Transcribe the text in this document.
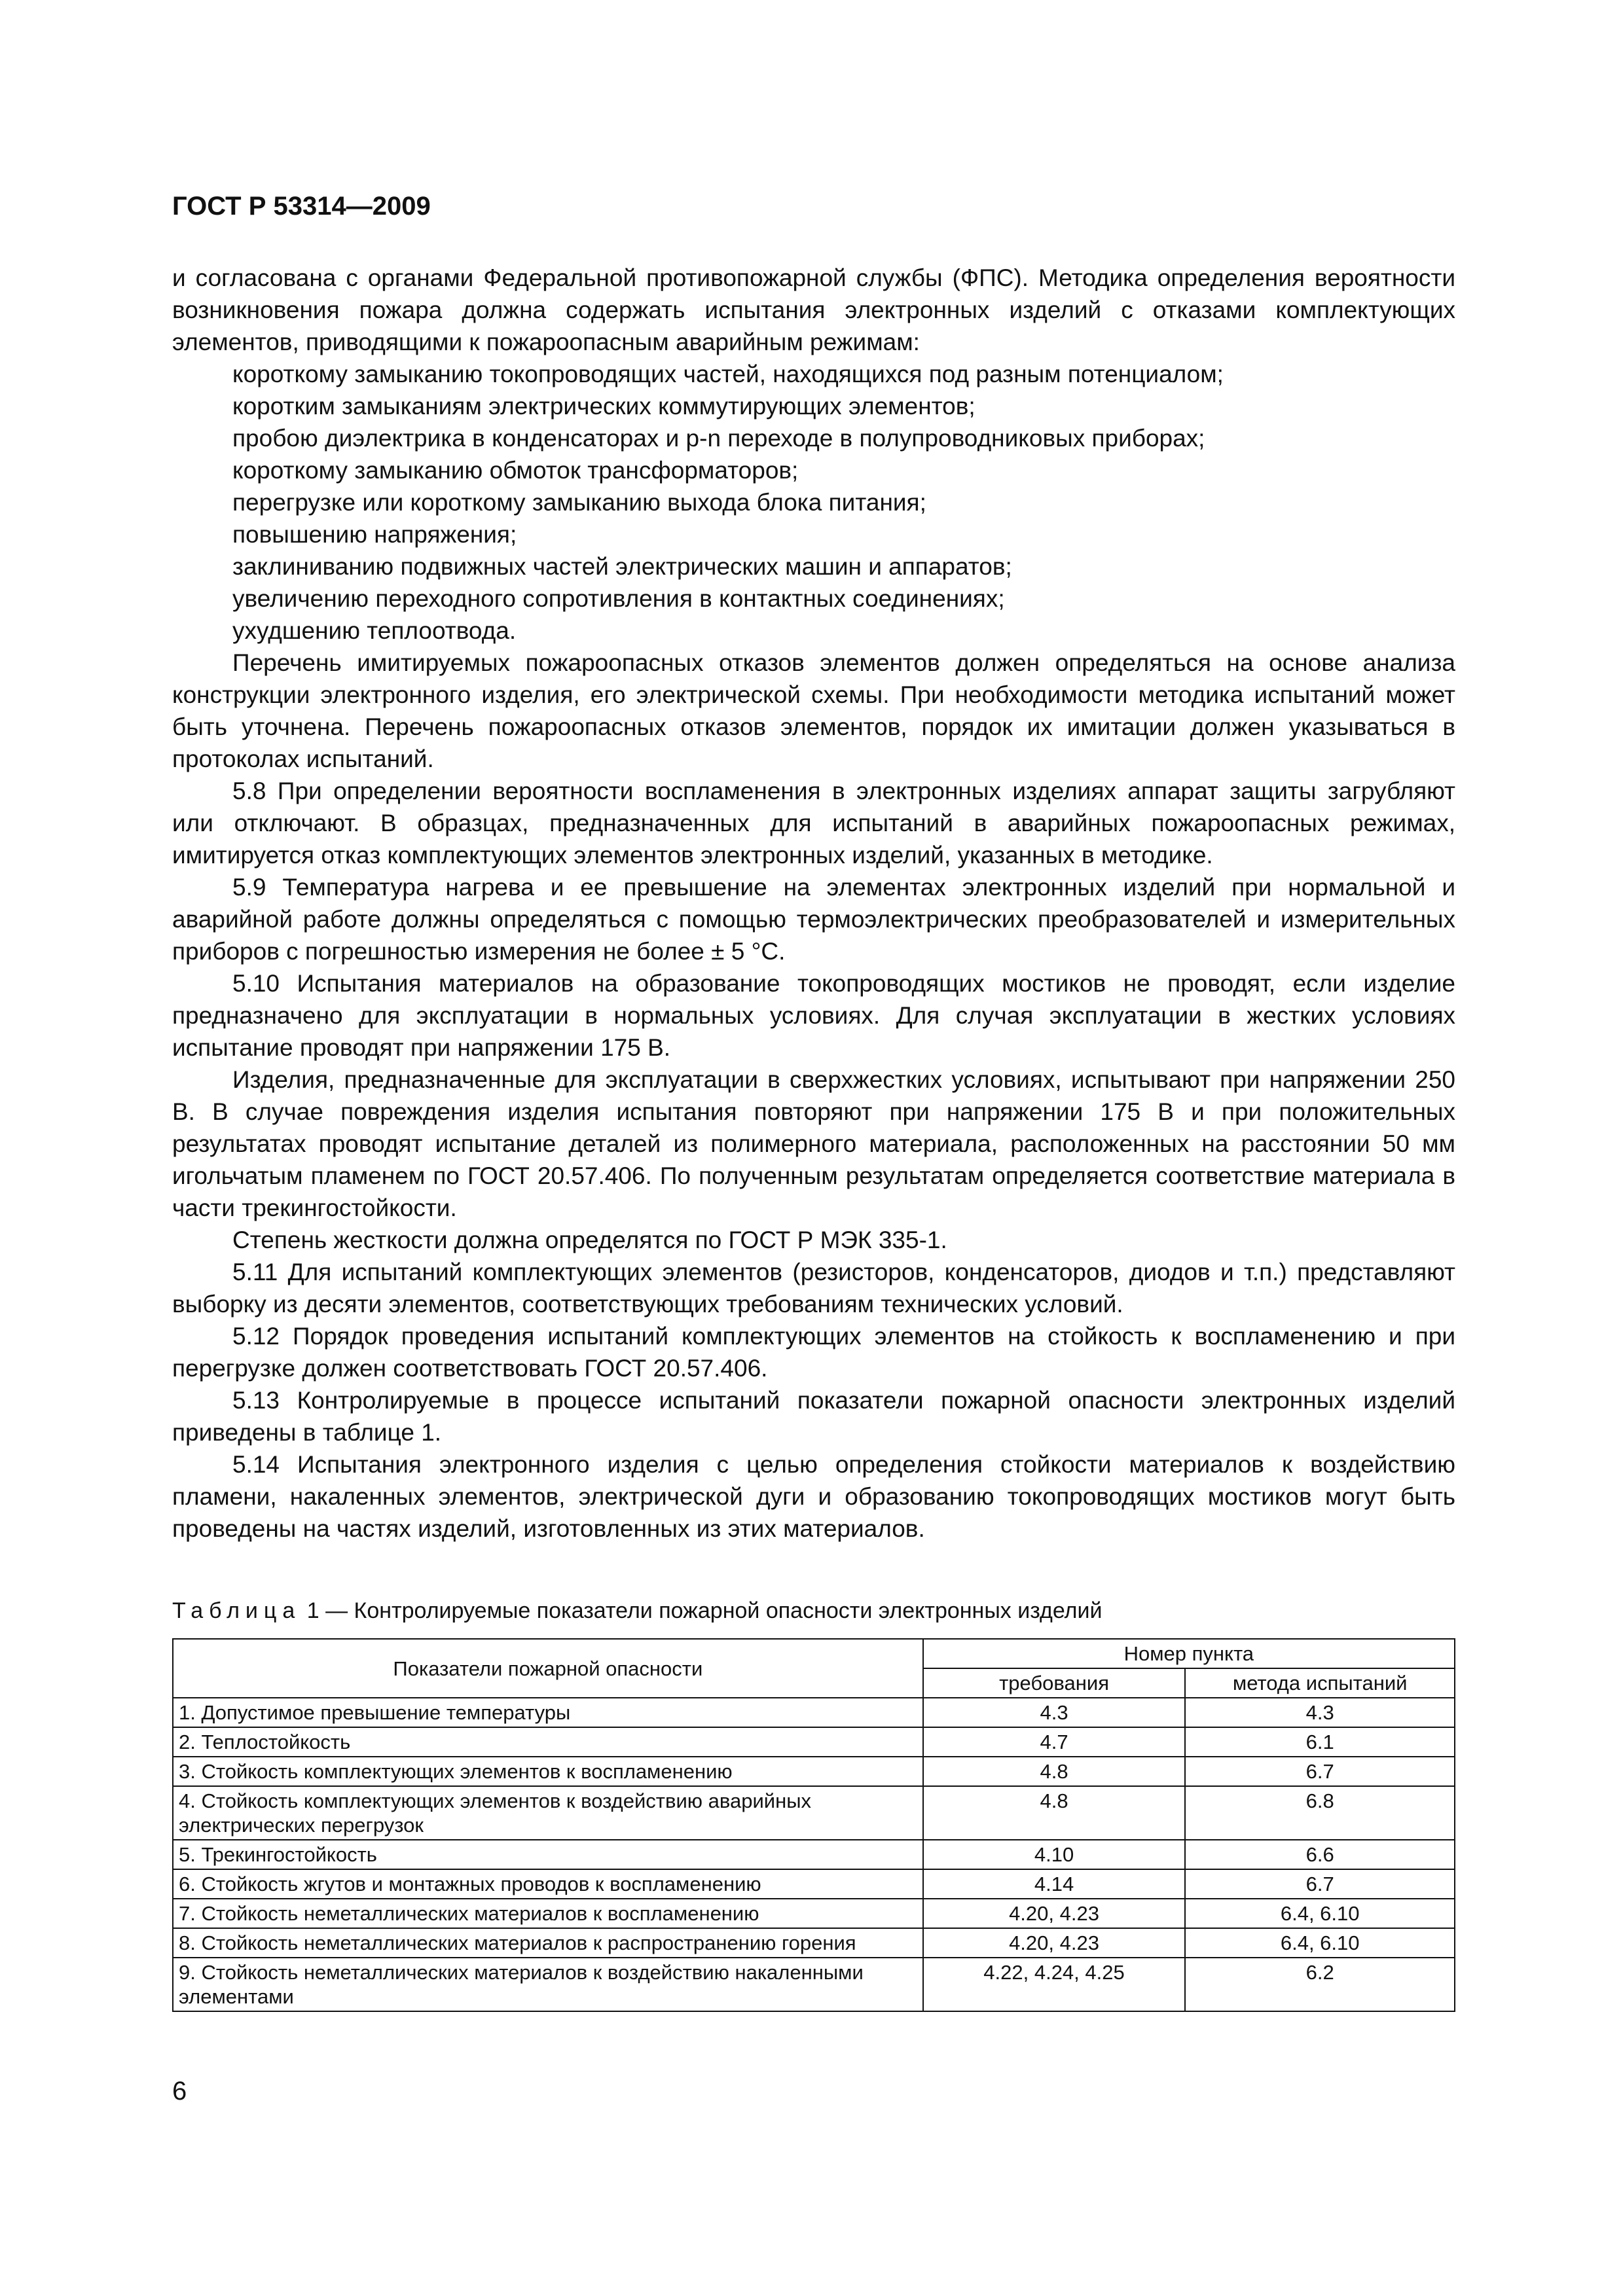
ГОСТ Р 53314—2009

и согласована с органами Федеральной противопожарной службы (ФПС). Методика определения вероятности возникновения пожара должна содержать испытания электронных изделий с отказами комплектующих элементов, приводящими к пожароопасным аварийным режимам:

короткому замыканию токопроводящих частей, находящихся под разным потенциалом;

коротким замыканиям электрических коммутирующих элементов;

пробою диэлектрика в конденсаторах и p-n переходе в полупроводниковых приборах;

короткому замыканию обмоток трансформаторов;

перегрузке или короткому замыканию выхода блока питания;

повышению напряжения;

заклиниванию подвижных частей электрических машин и аппаратов;

увеличению переходного сопротивления в контактных соединениях;

ухудшению теплоотвода.

Перечень имитируемых пожароопасных отказов элементов должен определяться на основе анализа конструкции электронного изделия, его электрической схемы. При необходимости методика испытаний может быть уточнена. Перечень пожароопасных отказов элементов, порядок их имитации должен указываться в протоколах испытаний.

5.8 При определении вероятности воспламенения в электронных изделиях аппарат защиты загрубляют или отключают. В образцах, предназначенных для испытаний в аварийных пожароопасных режимах, имитируется отказ комплектующих элементов электронных изделий, указанных в методике.

5.9 Температура нагрева и ее превышение на элементах электронных изделий при нормальной и аварийной работе должны определяться с помощью термоэлектрических преобразователей и измерительных приборов с погрешностью измерения не более ± 5 °С.

5.10 Испытания материалов на образование токопроводящих мостиков не проводят, если изделие предназначено для эксплуатации в нормальных условиях. Для случая эксплуатации в жестких условиях испытание проводят при напряжении 175 В.

Изделия, предназначенные для эксплуатации в сверхжестких условиях, испытывают при напряжении 250 В. В случае повреждения изделия испытания повторяют при напряжении 175 В и при положительных результатах проводят испытание деталей из полимерного материала, расположенных на расстоянии 50 мм игольчатым пламенем по ГОСТ 20.57.406. По полученным результатам определяется соответствие материала в части трекингостойкости.

Степень жесткости должна определятся по ГОСТ Р МЭК 335-1.

5.11 Для испытаний комплектующих элементов (резисторов, конденсаторов, диодов и т.п.) представляют выборку из десяти элементов, соответствующих требованиям технических условий.

5.12 Порядок проведения испытаний комплектующих элементов на стойкость к воспламенению и при перегрузке должен соответствовать ГОСТ 20.57.406.

5.13 Контролируемые в процессе испытаний показатели пожарной опасности электронных изделий приведены в таблице 1.

5.14 Испытания электронного изделия с целью определения стойкости материалов к воздействию пламени, накаленных элементов, электрической дуги и образованию токопроводящих мостиков могут быть проведены на частях изделий, изготовленных из этих материалов.

Таблица 1 — Контролируемые показатели пожарной опасности электронных изделий
Показатели пожарной опасности	Номер пункта	
	требования	метода испытаний
1. Допустимое превышение температуры	4.3	4.3
2. Теплостойкость	4.7	6.1
3. Стойкость комплектующих элементов к воспламенению	4.8	6.7
4. Стойкость комплектующих элементов к воздействию аварийных электрических перегрузок	4.8	6.8
5. Трекингостойкость	4.10	6.6
6. Стойкость жгутов и монтажных проводов к воспламенению	4.14	6.7
7. Стойкость неметаллических материалов к воспламенению	4.20, 4.23	6.4, 6.10
8. Стойкость неметаллических материалов к распространению горения	4.20, 4.23	6.4, 6.10
9. Стойкость неметаллических материалов к воздействию накаленными элементами	4.22, 4.24, 4.25	6.2
6
